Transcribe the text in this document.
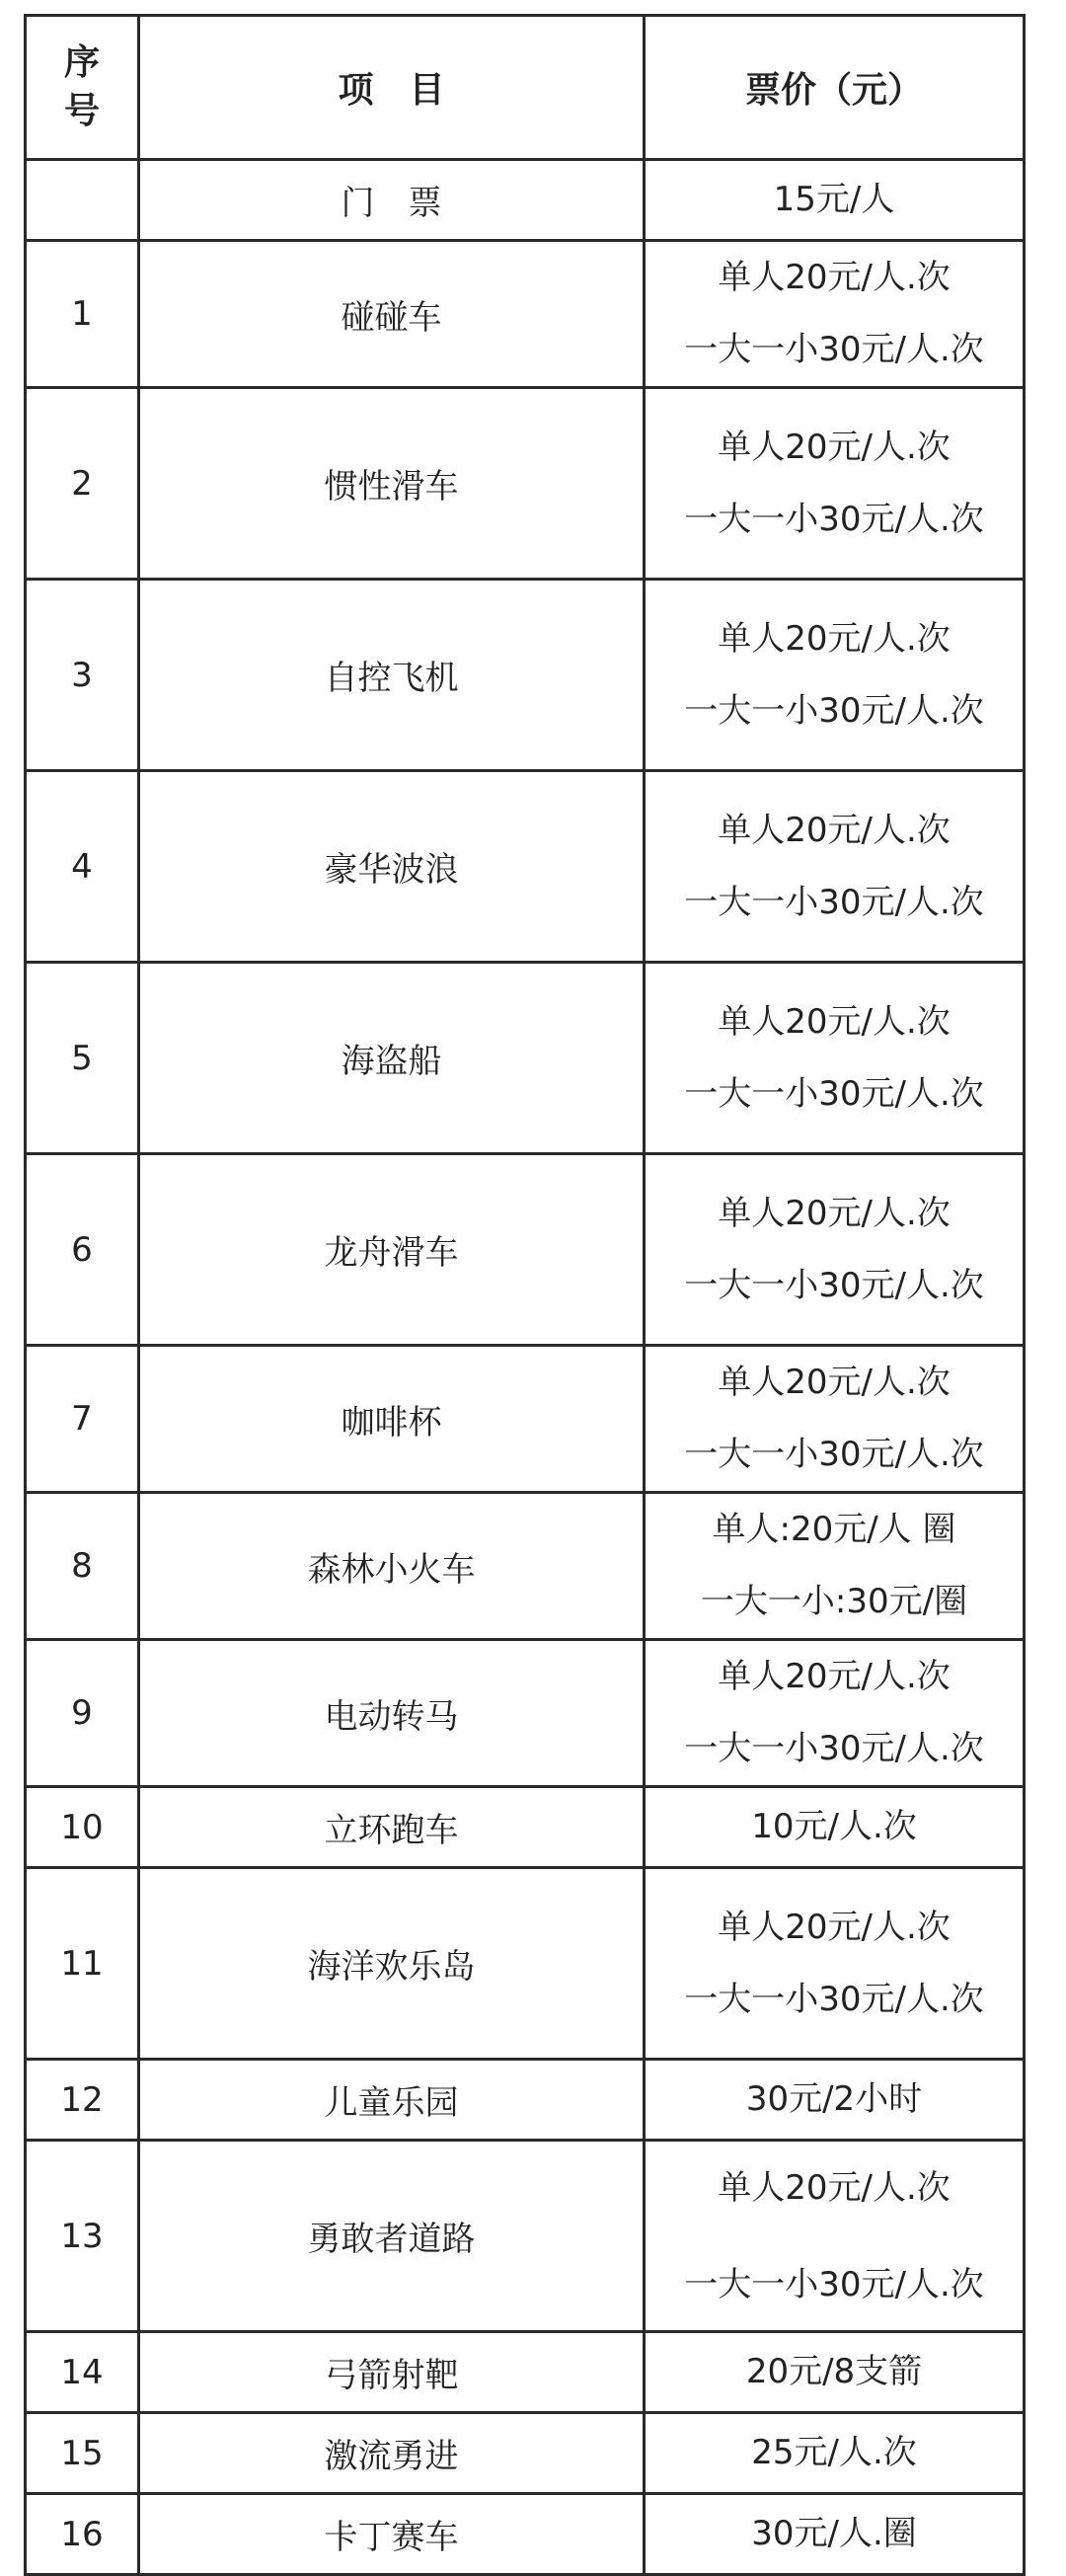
序
号	项　目	票价（元）
	门　票	15元/人

1	碰碰车	单人20元/人.次
一大一小30元/人.次

2	惯性滑车	单人20元/人.次
一大一小30元/人.次

3	自控飞机	单人20元/人.次
一大一小30元/人.次

4	豪华波浪	单人20元/人.次
一大一小30元/人.次

5	海盗船	单人20元/人.次
一大一小30元/人.次

6	龙舟滑车	单人20元/人.次
一大一小30元/人.次

7	咖啡杯	单人20元/人.次
一大一小30元/人.次

8	森林小火车	单人:20元/人 圈
一大一小:30元/圈

9	电动转马	单人20元/人.次
一大一小30元/人.次

10	立环跑车	10元/人.次

11	海洋欢乐岛	单人20元/人.次
一大一小30元/人.次

12	儿童乐园	30元/2小时

13	勇敢者道路	单人20元/人.次
一大一小30元/人.次

14	弓箭射靶	20元/8支箭

15	激流勇进	25元/人.次

16	卡丁赛车	30元/人.圈
